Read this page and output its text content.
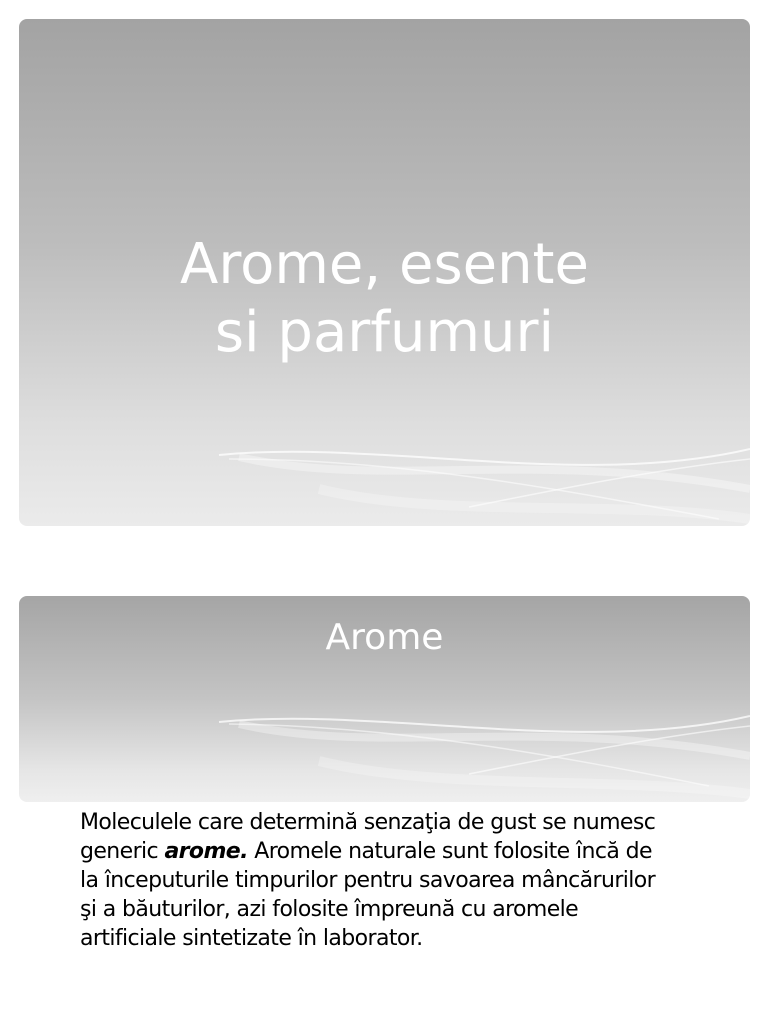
Arome, esente
si parfumuri
Arome

Moleculele care determină senzaţia de gust se numesc generic arome. Aromele naturale sunt folosite încă de la începuturile timpurilor pentru savoarea mâncărurilor şi a băuturilor, azi folosite împreună cu aromele artificiale sintetizate în laborator.
